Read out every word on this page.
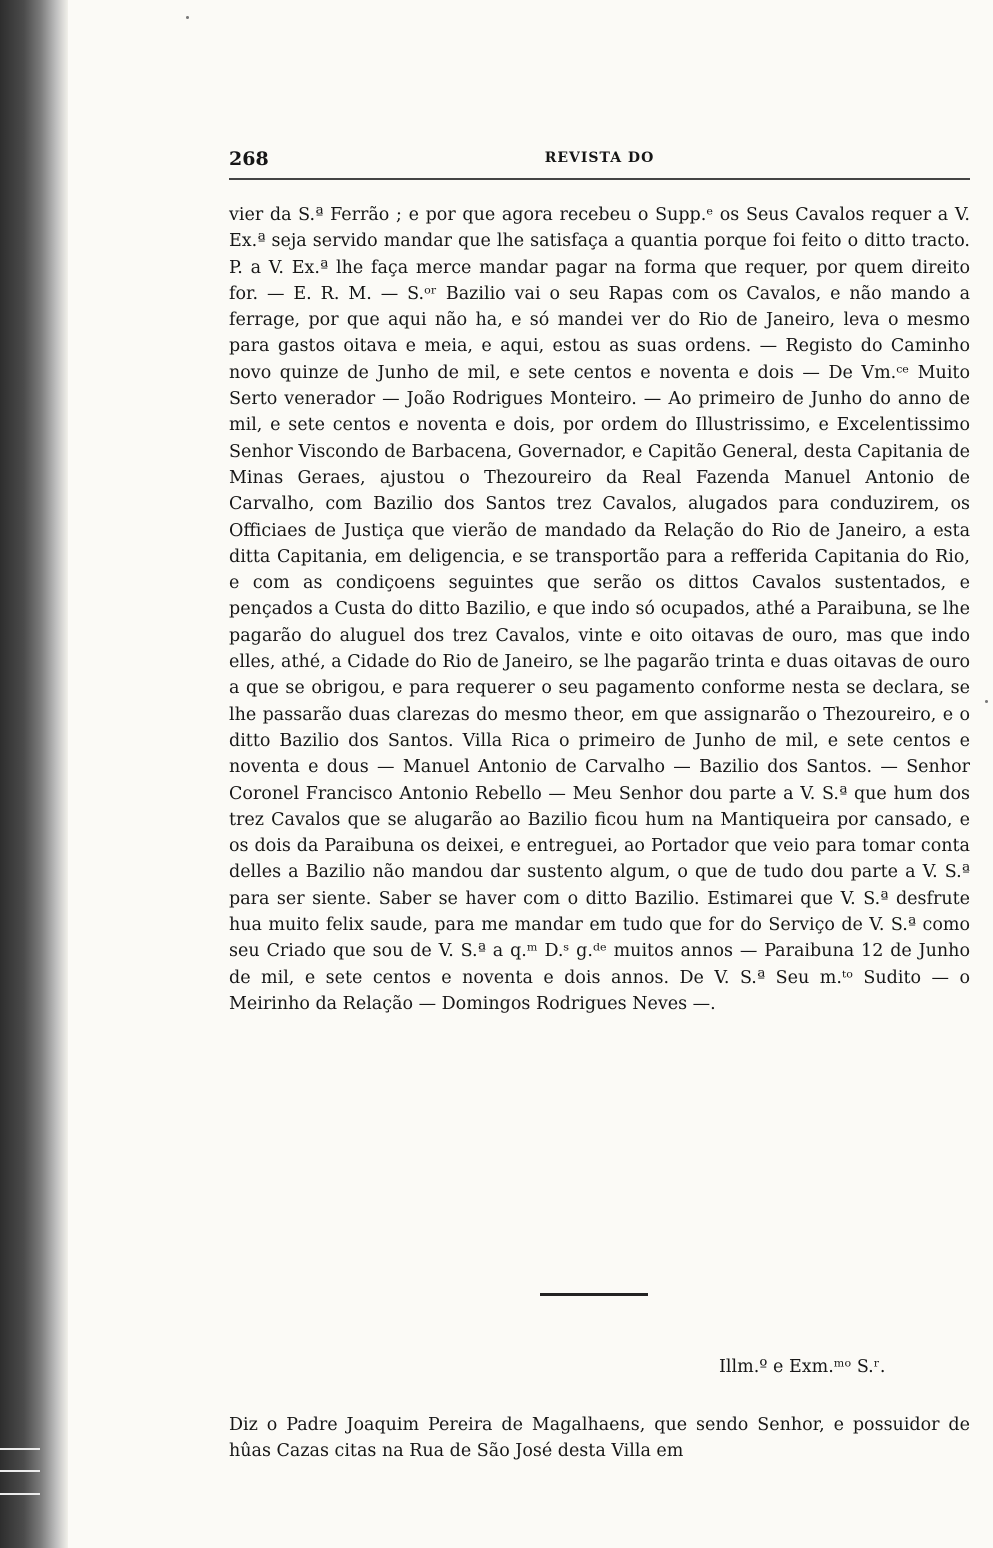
268	REVISTA DO
vier da S.ª Ferrão ; e por que agora recebeu o Supp.ᵉ os Seus Cavalos requer a V. Ex.ª seja servido mandar que lhe satisfaça a quantia porque foi feito o ditto tracto. P. a V. Ex.ª lhe faça merce mandar pagar na forma que requer, por quem direito for. — E. R. M. — S.ᵒʳ Bazilio vai o seu Rapas com os Cavalos, e não mando a ferrage, por que aqui não ha, e só mandei ver do Rio de Janeiro, leva o mesmo para gastos oitava e meia, e aqui, estou as suas ordens. — Registo do Caminho novo quinze de Junho de mil, e sete centos e noventa e dois — De Vm.ᶜᵉ Muito Serto venerador — João Rodrigues Monteiro. — Ao primeiro de Junho do anno de mil, e sete centos e noventa e dois, por ordem do Illustrissimo, e Excelentissimo Senhor Viscondo de Barbacena, Governador, e Capitão General, desta Capitania de Minas Geraes, ajustou o Thezoureiro da Real Fazenda Manuel Antonio de Carvalho, com Bazilio dos Santos trez Cavalos, alugados para conduzirem, os Officiaes de Justiça que vierão de mandado da Relação do Rio de Janeiro, a esta ditta Capitania, em deligencia, e se transportão para a refferida Capitania do Rio, e com as condiçoens seguintes que serão os dittos Cavalos sustentados, e pençados a Custa do ditto Bazilio, e que indo só ocupados, athé a Paraibuna, se lhe pagarão do aluguel dos trez Cavalos, vinte e oito oitavas de ouro, mas que indo elles, athé, a Cidade do Rio de Janeiro, se lhe pagarão trinta e duas oitavas de ouro a que se obrigou, e para requerer o seu pagamento conforme nesta se declara, se lhe passarão duas clarezas do mesmo theor, em que assignarão o Thezoureiro, e o ditto Bazilio dos Santos. Villa Rica o primeiro de Junho de mil, e sete centos e noventa e dous — Manuel Antonio de Carvalho — Bazilio dos Santos. — Senhor Coronel Francisco Antonio Rebello — Meu Senhor dou parte a V. S.ª que hum dos trez Cavalos que se alugarão ao Bazilio ficou hum na Mantiqueira por cansado, e os dois da Paraibuna os deixei, e entreguei, ao Portador que veio para tomar conta delles a Bazilio não mandou dar sustento algum, o que de tudo dou parte a V. S.ª para ser siente. Saber se haver com o ditto Bazilio. Estimarei que V. S.ª desfrute hua muito felix saude, para me mandar em tudo que for do Serviço de V. S.ª como seu Criado que sou de V. S.ª a q.ᵐ D.ˢ g.ᵈᵉ muitos annos — Paraibuna 12 de Junho de mil, e sete centos e noventa e dois annos. De V. S.ª Seu m.ᵗᵒ Sudito — o Meirinho da Relação — Domingos Rodrigues Neves —.
Illm.º e Exm.ᵐᵒ S.ʳ.
Diz o Padre Joaquim Pereira de Magalhaens, que sendo Senhor, e possuidor de hûas Cazas citas na Rua de São José desta Villa em
